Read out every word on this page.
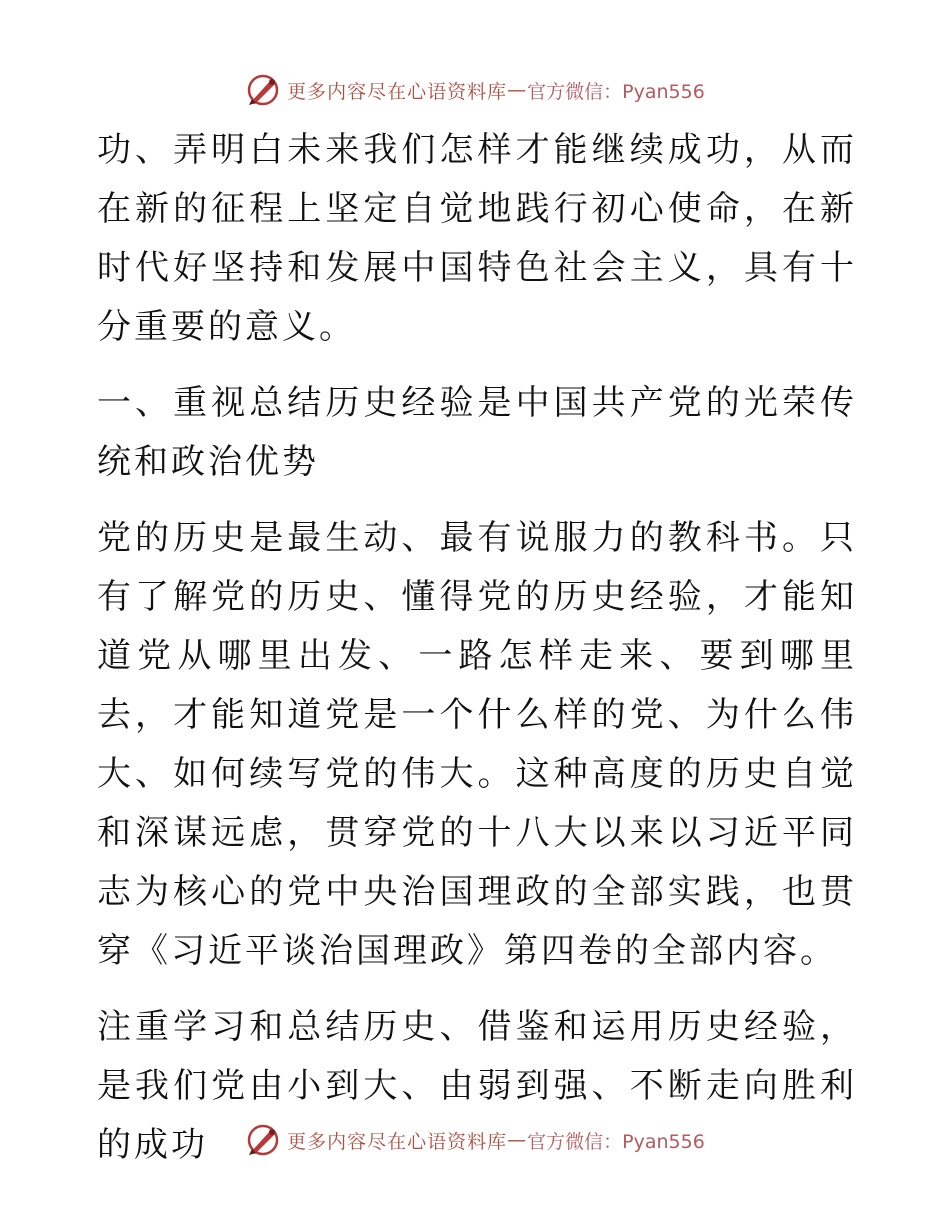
更多内容尽在心语资料库 — 官方微信：Pyan556

功、弄明白未来我们怎样才能继续成功，从而在新的征程上坚定自觉地践行初心使命，在新时代好坚持和发展中国特色社会主义，具有十分重要的意义。

一、重视总结历史经验是中国共产党的光荣传统和政治优势

党的历史是最生动、最有说服力的教科书。只有了解党的历史、懂得党的历史经验，才能知道党从哪里出发、一路怎样走来、要到哪里去，才能知道党是一个什么样的党、为什么伟大、如何续写党的伟大。这种高度的历史自觉和深谋远虑，贯穿党的十八大以来以习近平同志为核心的党中央治国理政的全部实践，也贯穿《习近平谈治国理政》第四卷的全部内容。

注重学习和总结历史、借鉴和运用历史经验，是我们党由小到大、由弱到强、不断走向胜利的成功	更多内容尽在心语资料库 — 官方微信：Pyan556
